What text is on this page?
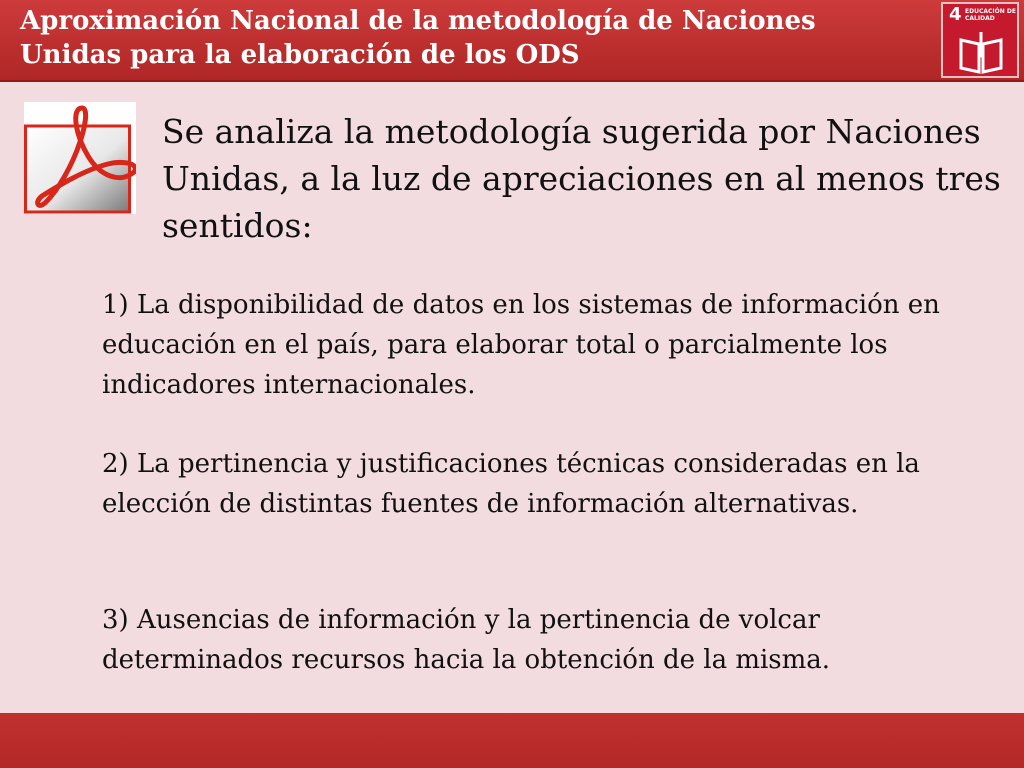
Aproximación Nacional de la metodología de Naciones
Unidas para la elaboración de los ODS
4 EDUCACIÓN DE
CALIDAD
Se analiza la metodología sugerida por Naciones Unidas, a la luz de apreciaciones en al menos tres sentidos:
1) La disponibilidad de datos en los sistemas de información en educación en el país, para elaborar total o parcialmente los indicadores internacionales.
2) La pertinencia y justificaciones técnicas consideradas en la elección de distintas fuentes de información alternativas.
3) Ausencias de información y la pertinencia de volcar determinados recursos hacia la obtención de la misma.
